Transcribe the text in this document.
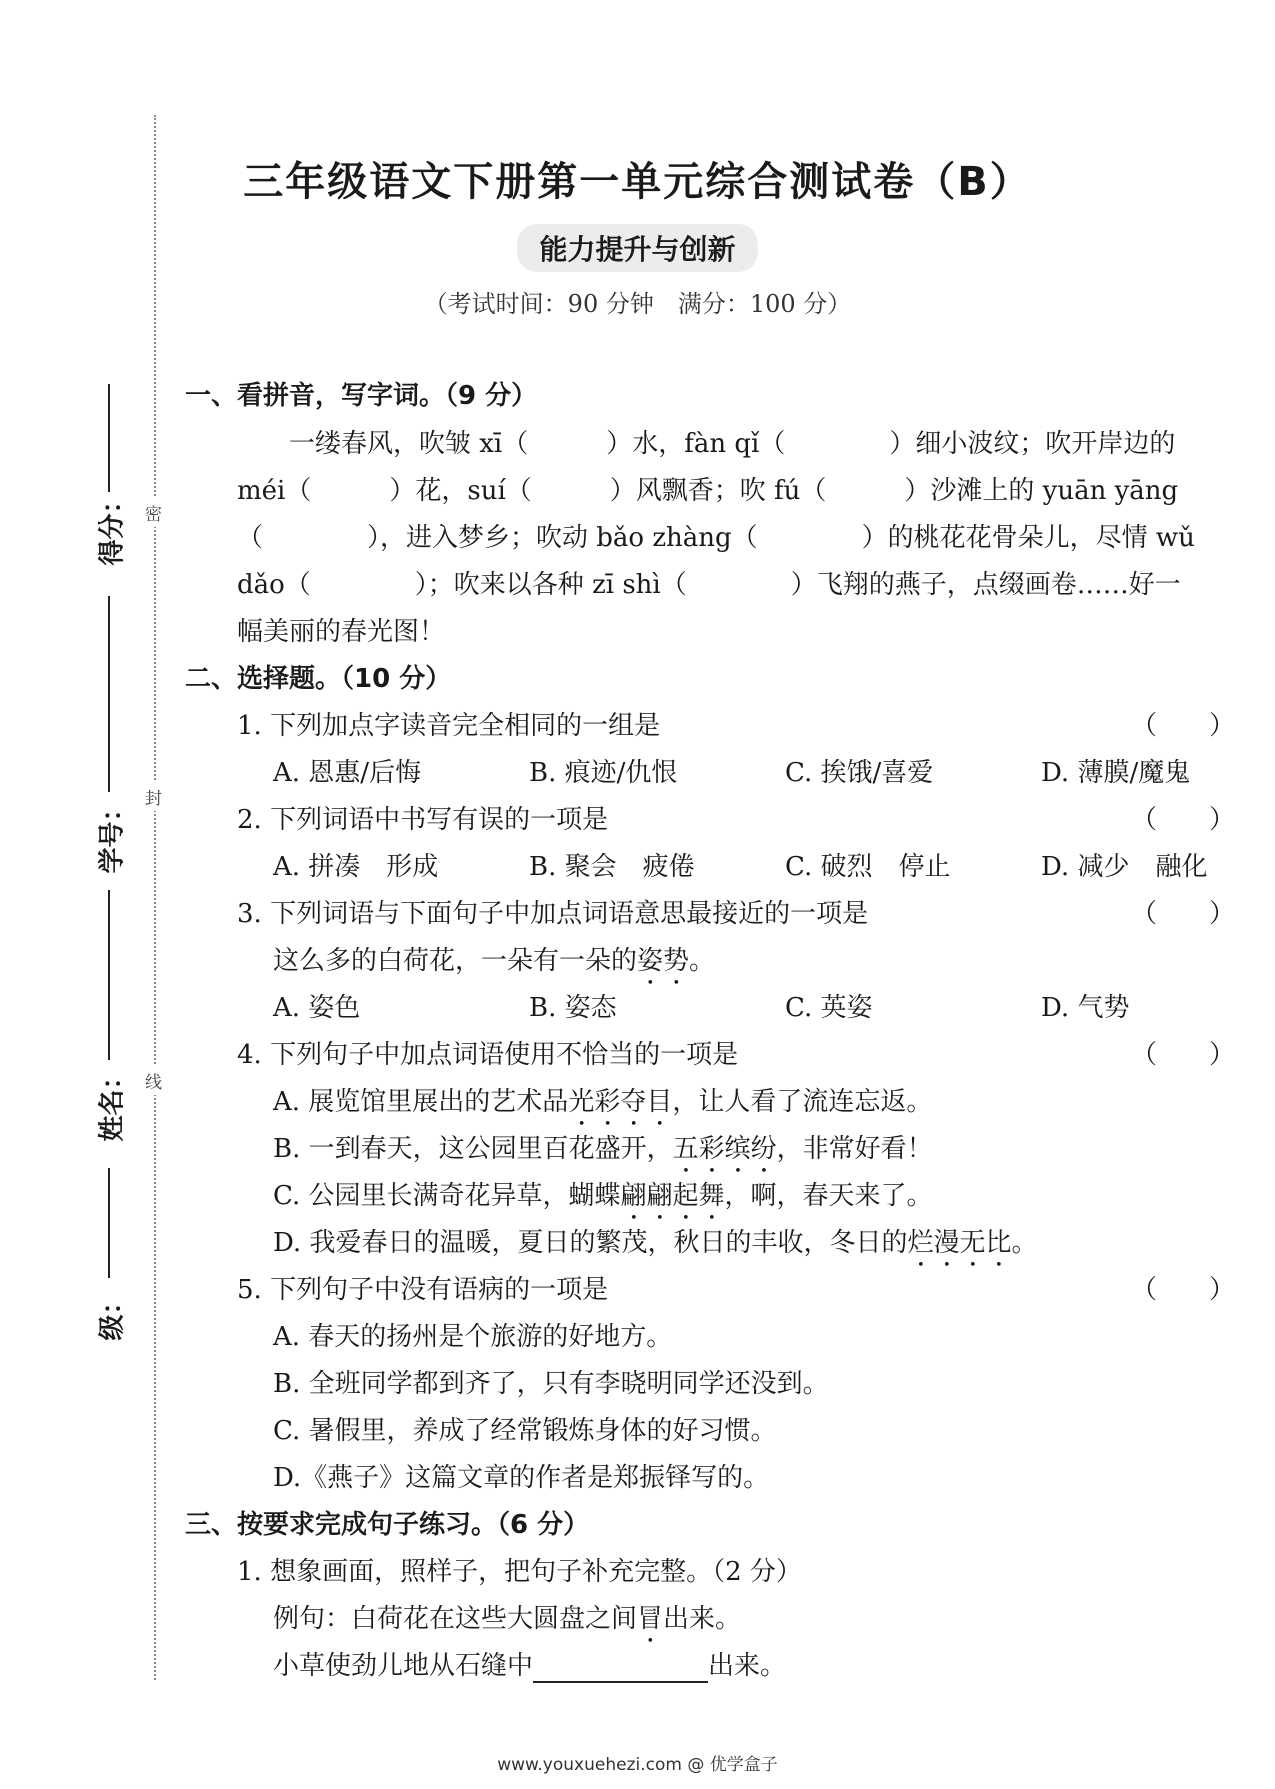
密
封
线
得分：
学号：
姓名：
级：
三年级语文下册第一单元综合测试卷（B）
能力提升与创新
（考试时间：90 分钟　满分：100 分）
一、看拼音，写字词。（9 分）
　　一缕春风，吹皱 xī（　　　）水，fàn qǐ（　　　　）细小波纹；吹开岸边的
méi（　　　）花，suí（　　　）风飘香；吹 fú（　　　）沙滩上的 yuān yāng
（　　　　），进入梦乡；吹动 bǎo zhàng（　　　　）的桃花花骨朵儿，尽情 wǔ
dǎo（　　　　）；吹来以各种 zī shì（　　　　）飞翔的燕子，点缀画卷……好一
幅美丽的春光图！
二、选择题。（10 分）
1. 下列加点字读音完全相同的一组是	（　　）
A. 恩惠/后悔	B. 痕迹/仇恨	C. 挨饿/喜爱	D. 薄膜/魔鬼
2. 下列词语中书写有误的一项是	（　　）
A. 拼凑　形成	B. 聚会　疲倦	C. 破烈　停止	D. 减少　融化
3. 下列词语与下面句子中加点词语意思最接近的一项是	（　　）
这么多的白荷花，一朵有一朵的姿势。
A. 姿色	B. 姿态	C. 英姿	D. 气势
4. 下列句子中加点词语使用不恰当的一项是	（　　）
A. 展览馆里展出的艺术品光彩夺目，让人看了流连忘返。
B. 一到春天，这公园里百花盛开，五彩缤纷，非常好看！
C. 公园里长满奇花异草，蝴蝶翩翩起舞，啊，春天来了。
D. 我爱春日的温暖，夏日的繁茂，秋日的丰收，冬日的烂漫无比。
5. 下列句子中没有语病的一项是	（　　）
A. 春天的扬州是个旅游的好地方。
B. 全班同学都到齐了，只有李晓明同学还没到。
C. 暑假里，养成了经常锻炼身体的好习惯。
D.《燕子》这篇文章的作者是郑振铎写的。
三、按要求完成句子练习。（6 分）
1. 想象画面，照样子，把句子补充完整。（2 分）
例句：白荷花在这些大圆盘之间冒出来。
小草使劲儿地从石缝中	出来。
www.youxuehezi.com @ 优学盒子
